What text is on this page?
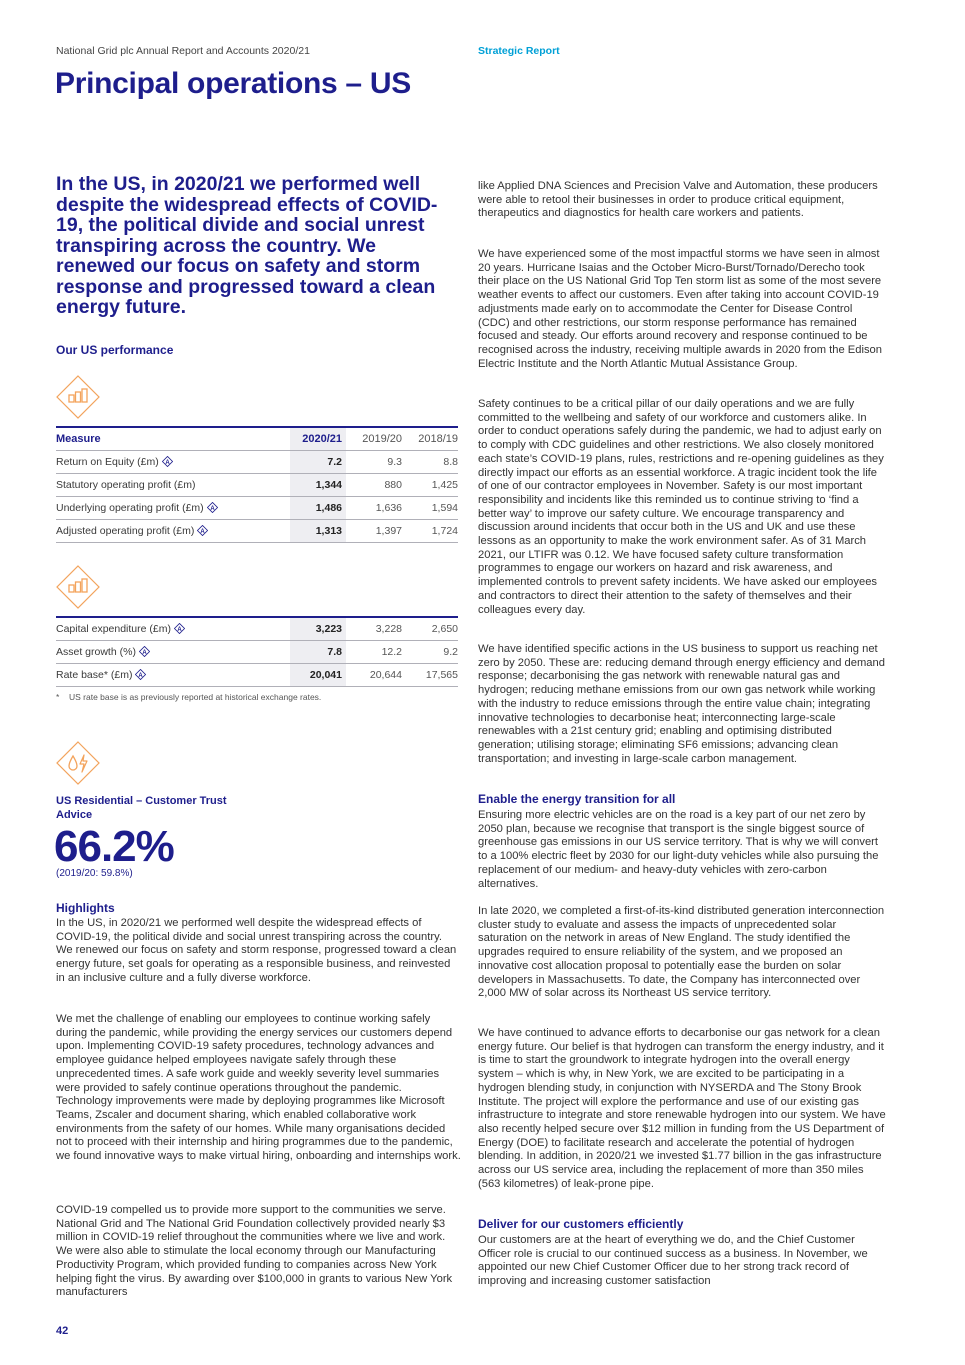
National Grid plc Annual Report and Accounts 2020/21	Strategic Report
Principal operations – US

In the US, in 2020/21 we performed well despite the widespread effects of COVID-19, the political divide and social unrest transpiring across the country. We renewed our focus on safety and storm response and progressed toward a clean energy future.

Our US performance
Measure	2020/21	2019/20	2018/19
Return on Equity (£m) A	7.2	9.3	8.8
Statutory operating profit (£m)	1,344	880	1,425
Underlying operating profit (£m) A	1,486	1,636	1,594
Adjusted operating profit (£m) A	1,313	1,397	1,724
Capital expenditure (£m) A	3,223	3,228	2,650
Asset growth (%) A	7.8	12.2	9.2
Rate base* (£m) A	20,041	20,644	17,565
* US rate base is as previously reported at historical exchange rates.
US Residential – Customer Trust Advice
66.2%
(2019/20: 59.8%)
Highlights

In the US, in 2020/21 we performed well despite the widespread effects of COVID-19, the political divide and social unrest transpiring across the country. We renewed our focus on safety and storm response, progressed toward a clean energy future, set goals for operating as a responsible business, and reinvested in an inclusive culture and a fully diverse workforce.

We met the challenge of enabling our employees to continue working safely during the pandemic, while providing the energy services our customers depend upon. Implementing COVID-19 safety procedures, technology advances and employee guidance helped employees navigate safely through these unprecedented times. A safe work guide and weekly severity level summaries were provided to safely continue operations throughout the pandemic. Technology improvements were made by deploying programmes like Microsoft Teams, Zscaler and document sharing, which enabled collaborative work environments from the safety of our homes. While many organisations decided not to proceed with their internship and hiring programmes due to the pandemic, we found innovative ways to make virtual hiring, onboarding and internships work.

COVID-19 compelled us to provide more support to the communities we serve. National Grid and The National Grid Foundation collectively provided nearly $3 million in COVID-19 relief throughout the communities where we live and work. We were also able to stimulate the local economy through our Manufacturing Productivity Program, which provided funding to companies across New York helping fight the virus. By awarding over $100,000 in grants to various New York manufacturers

like Applied DNA Sciences and Precision Valve and Automation, these producers were able to retool their businesses in order to produce critical equipment, therapeutics and diagnostics for health care workers and patients.

We have experienced some of the most impactful storms we have seen in almost 20 years. Hurricane Isaias and the October Micro-Burst/Tornado/Derecho took their place on the US National Grid Top Ten storm list as some of the most severe weather events to affect our customers. Even after taking into account COVID-19 adjustments made early on to accommodate the Center for Disease Control (CDC) and other restrictions, our storm response performance has remained focused and steady. Our efforts around recovery and response continued to be recognised across the industry, receiving multiple awards in 2020 from the Edison Electric Institute and the North Atlantic Mutual Assistance Group.

Safety continues to be a critical pillar of our daily operations and we are fully committed to the wellbeing and safety of our workforce and customers alike. In order to conduct operations safely during the pandemic, we had to adjust early on to comply with CDC guidelines and other restrictions. We also closely monitored each state’s COVID-19 plans, rules, restrictions and re-opening guidelines as they directly impact our efforts as an essential workforce. A tragic incident took the life of one of our contractor employees in November. Safety is our most important responsibility and incidents like this reminded us to continue striving to ‘find a better way’ to improve our safety culture. We encourage transparency and discussion around incidents that occur both in the US and UK and use these lessons as an opportunity to make the work environment safer. As of 31 March 2021, our LTIFR was 0.12. We have focused safety culture transformation programmes to engage our workers on hazard and risk awareness, and implemented controls to prevent safety incidents. We have asked our employees and contractors to direct their attention to the safety of themselves and their colleagues every day.

We have identified specific actions in the US business to support us reaching net zero by 2050. These are: reducing demand through energy efficiency and demand response; decarbonising the gas network with renewable natural gas and hydrogen; reducing methane emissions from our own gas network while working with the industry to reduce emissions through the entire value chain; integrating innovative technologies to decarbonise heat; interconnecting large-scale renewables with a 21st century grid; enabling and optimising distributed generation; utilising storage; eliminating SF6 emissions; advancing clean transportation; and investing in large-scale carbon management.

Enable the energy transition for all

Ensuring more electric vehicles are on the road is a key part of our net zero by 2050 plan, because we recognise that transport is the single biggest source of greenhouse gas emissions in our US service territory. That is why we will convert to a 100% electric fleet by 2030 for our light-duty vehicles while also pursuing the replacement of our medium- and heavy-duty vehicles with zero-carbon alternatives.

In late 2020, we completed a first-of-its-kind distributed generation interconnection cluster study to evaluate and assess the impacts of unprecedented solar saturation on the network in areas of New England. The study identified the upgrades required to ensure reliability of the system, and we proposed an innovative cost allocation proposal to potentially ease the burden on solar developers in Massachusetts. To date, the Company has interconnected over 2,000 MW of solar across its Northeast US service territory.

We have continued to advance efforts to decarbonise our gas network for a clean energy future. Our belief is that hydrogen can transform the energy industry, and it is time to start the groundwork to integrate hydrogen into the overall energy system – which is why, in New York, we are excited to be participating in a hydrogen blending study, in conjunction with NYSERDA and The Stony Brook Institute. The project will explore the performance and use of our existing gas infrastructure to integrate and store renewable hydrogen into our system. We have also recently helped secure over $12 million in funding from the US Department of Energy (DOE) to facilitate research and accelerate the potential of hydrogen blending. In addition, in 2020/21 we invested $1.77 billion in the gas infrastructure across our US service area, including the replacement of more than 350 miles (563 kilometres) of leak-prone pipe.

Deliver for our customers efficiently

Our customers are at the heart of everything we do, and the Chief Customer Officer role is crucial to our continued success as a business. In November, we appointed our new Chief Customer Officer due to her strong track record of improving and increasing customer satisfaction

42
